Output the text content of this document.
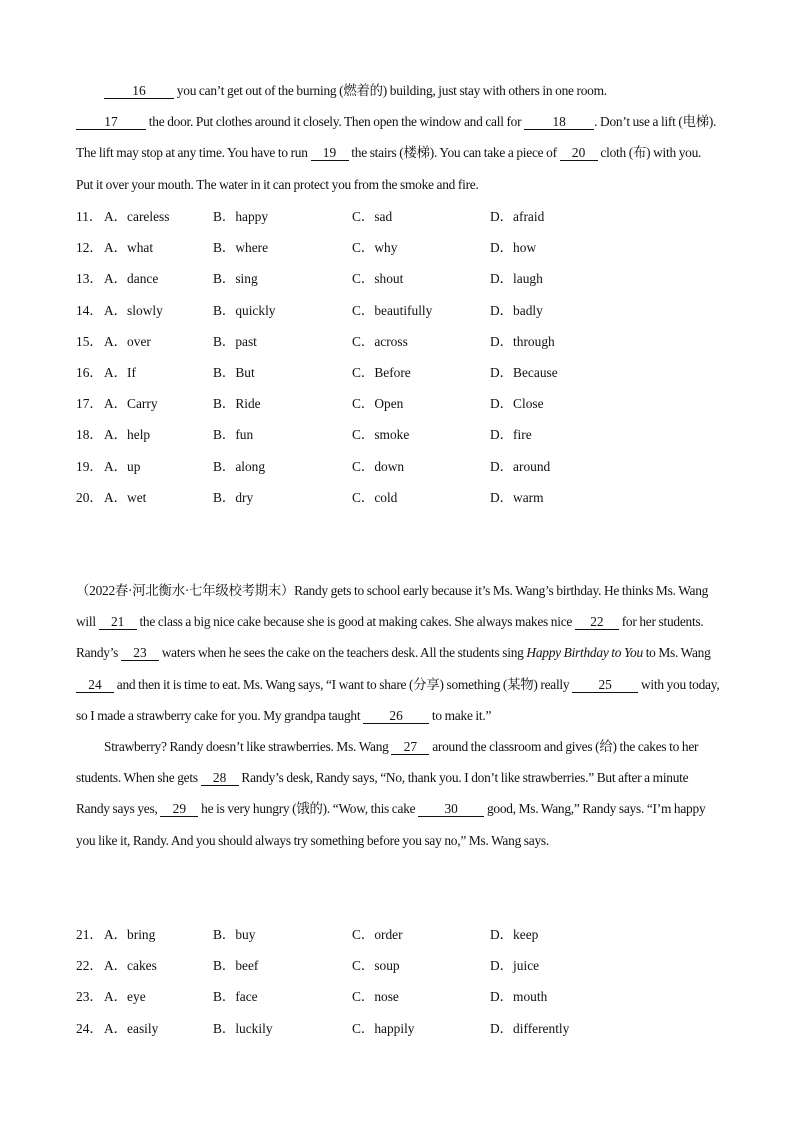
16 you can’t get out of the burning (燃着的) building, just stay with others in one room.
17 the door. Put clothes around it closely. Then open the window and call for 18 . Don’t use a lift (电梯). The lift may stop at any time. You have to run 19 the stairs (楼梯). You can take a piece of 20 cloth (布) with you. Put it over your mouth. The water in it can protect you from the smoke and fire.
11． A．careless	B．happy	C．sad	D．afraid
12． A．what	B．where	C．why	D．how
13． A．dance	B．sing	C．shout	D．laugh
14． A．slowly	B．quickly	C．beautifully	D．badly
15． A．over	B．past	C．across	D．through
16． A．If	B．But	C．Before	D．Because
17． A．Carry	B．Ride	C．Open	D．Close
18． A．help	B．fun	C．smoke	D．fire
19． A．up	B．along	C．down	D．around
20． A．wet	B．dry	C．cold	D．warm
（2022春·河北衡水·七年级校考期末）Randy gets to school early because it’s Ms. Wang’s birthday. He thinks Ms. Wang will 21 the class a big nice cake because she is good at making cakes. She always makes nice 22 for her students. Randy’s 23 waters when he sees the cake on the teachers desk. All the students sing Happy Birthday to You to Ms. Wang 24 and then it is time to eat. Ms. Wang says, “I want to share (分享) something (某物) really 25 with you today, so I made a strawberry cake for you. My grandpa taught 26 to make it.”
Strawberry? Randy doesn’t like strawberries. Ms. Wang 27 around the classroom and gives (给) the cakes to her students. When she gets 28 Randy’s desk, Randy says, “No, thank you. I don’t like strawberries.” But after a minute Randy says yes, 29 he is very hungry (饿的). “Wow, this cake 30 good, Ms. Wang,” Randy says. “I’m happy you like it, Randy. And you should always try something before you say no,” Ms. Wang says.
21． A．bring	B．buy	C．order	D．keep
22． A．cakes	B．beef	C．soup	D．juice
23． A．eye	B．face	C．nose	D．mouth
24． A．easily	B．luckily	C．happily	D．differently
